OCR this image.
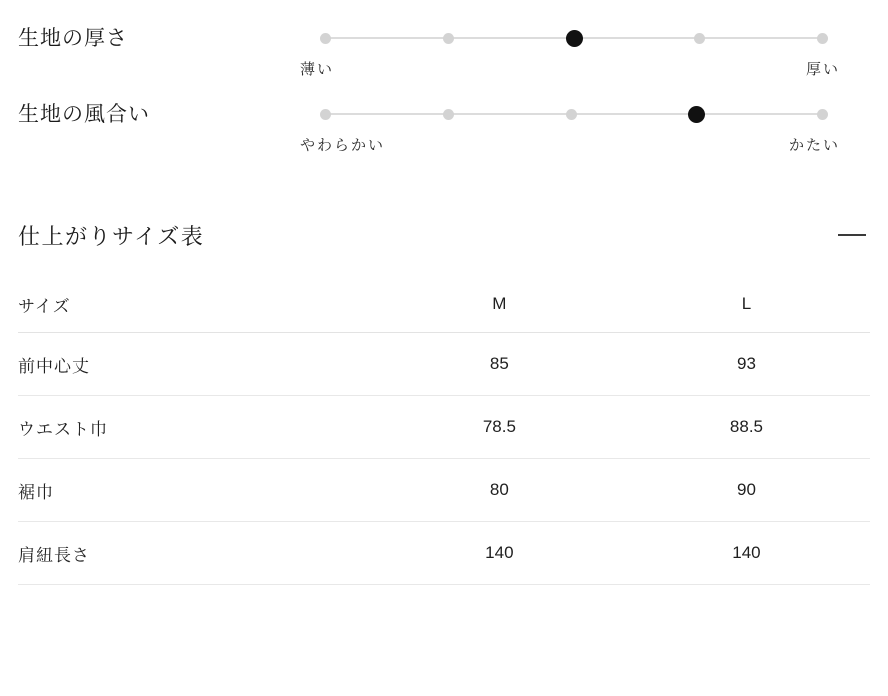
生地の厚さ
薄い	厚い
生地の風合い
やわらかい	かたい
仕上がりサイズ表
サイズ	M	L
前中心丈	85	93
ウエスト巾	78.5	88.5
裾巾	80	90
肩紐長さ	140	140
